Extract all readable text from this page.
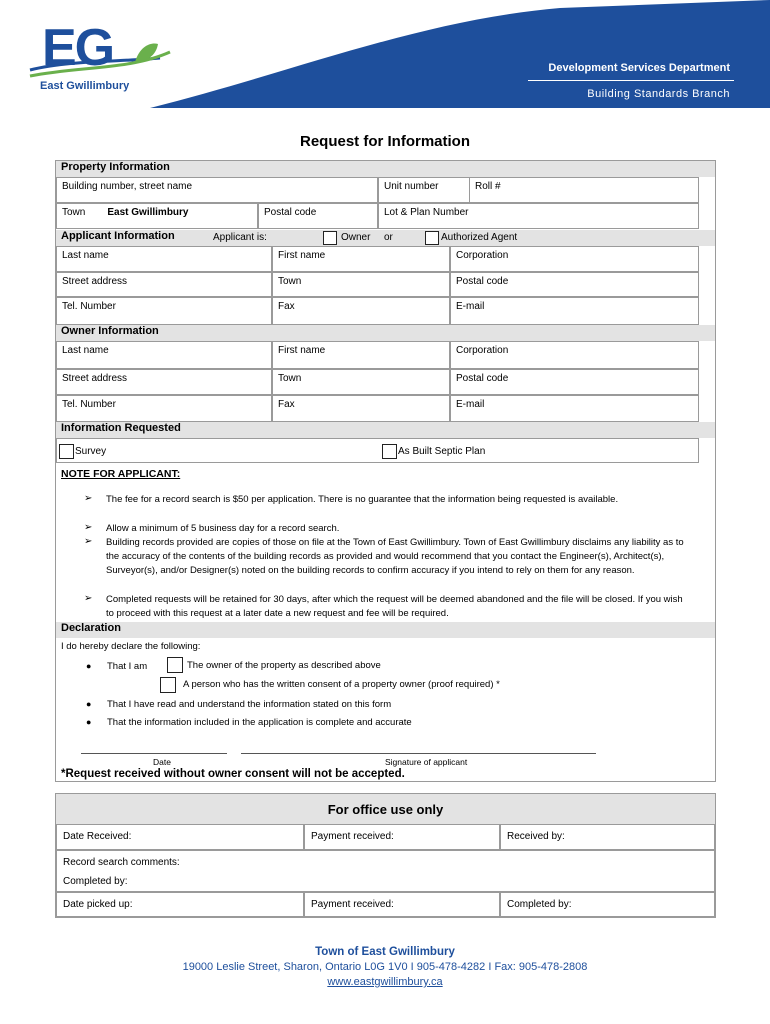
EG
East Gwillimbury
Development Services Department
Building Standards Branch
Request for Information
Property Information
Building number, street name	Unit number	Roll #
Town East Gwillimbury	Postal code	Lot & Plan Number
Applicant Information	Applicant is:	Owner or	Authorized Agent
Last name	First name	Corporation
Street address	Town	Postal code
Tel. Number	Fax	E-mail
Owner Information
Last name	First name	Corporation
Street address	Town	Postal code
Tel. Number	Fax	E-mail
Information Requested
Survey	As Built Septic Plan
NOTE FOR APPLICANT:
➢ The fee for a record search is $50 per application. There is no guarantee that the information being requested is available.
➢ Allow a minimum of 5 business day for a record search.
➢ Building records provided are copies of those on file at the Town of East Gwillimbury. Town of East Gwillimbury disclaims any liability as to the accuracy of the contents of the building records as provided and would recommend that you contact the Engineer(s), Architect(s), Surveyor(s), and/or Designer(s) noted on the building records to confirm accuracy if you intend to rely on them for any reason.
➢ Completed requests will be retained for 30 days, after which the request will be deemed abandoned and the file will be closed. If you wish to proceed with this request at a later date a new request and fee will be required.
Declaration
I do hereby declare the following:
● That I am	The owner of the property as described above
A person who has the written consent of a property owner (proof required) *
● That I have read and understand the information stated on this form
● That the information included in the application is complete and accurate
Date	Signature of applicant
*Request received without owner consent will not be accepted.
For office use only
Date Received:	Payment received:	Received by:
Record search comments:
Completed by:
Date picked up:	Payment received:	Completed by:
Town of East Gwillimbury
19000 Leslie Street, Sharon, Ontario L0G 1V0 I 905-478-4282 I Fax: 905-478-2808
www.eastgwillimbury.ca
